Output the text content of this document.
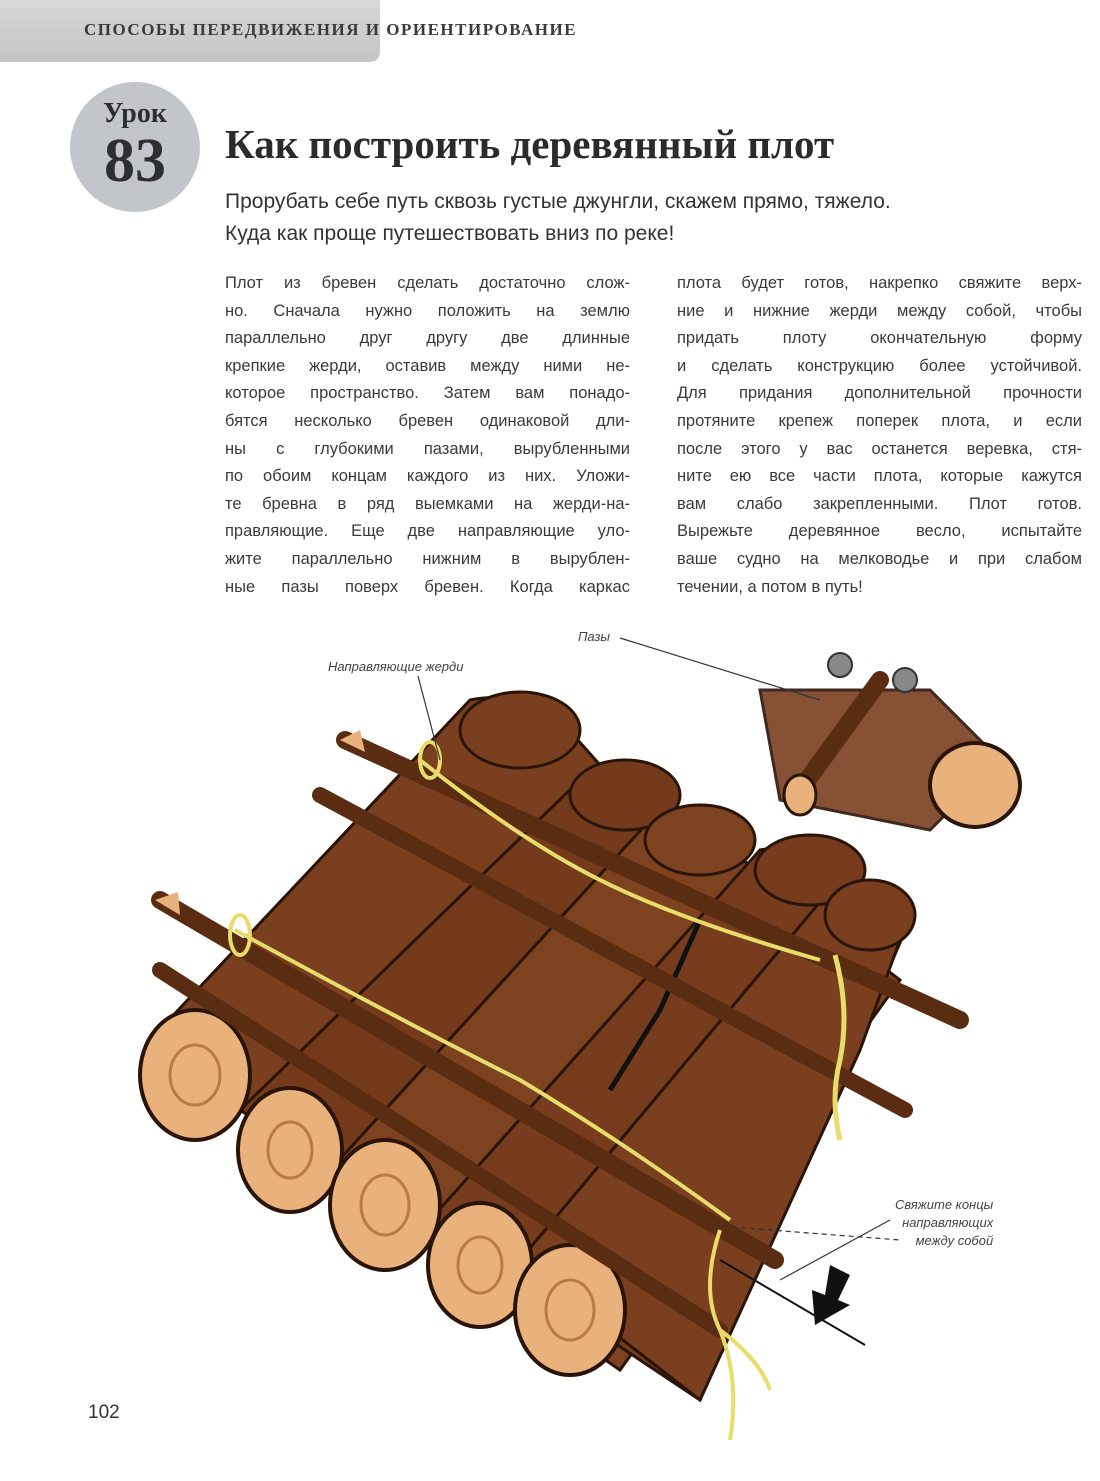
СПОСОБЫ ПЕРЕДВИЖЕНИЯ И ОРИЕНТИРОВАНИЕ
Урок
83	Как построить деревянный плот
Прорубать себе путь сквозь густые джунгли, скажем прямо, тяжело.
Куда как проще путешествовать вниз по реке!
Плот из бревен сделать достаточно слож-
но. Сначала нужно положить на землю
параллельно друг другу две длинные
крепкие жерди, оставив между ними не-
которое пространство. Затем вам понадо-
бятся несколько бревен одинаковой дли-
ны с глубокими пазами, вырубленными
по обоим концам каждого из них. Уложи-
те бревна в ряд выемками на жерди-на-
правляющие. Еще две направляющие уло-
жите параллельно нижним в вырублен-
ные пазы поверх бревен. Когда каркас
плота будет готов, накрепко свяжите верх-
ние и нижние жерди между собой, чтобы
придать плоту окончательную форму
и сделать конструкцию более устойчивой.
Для придания дополнительной прочности
протяните крепеж поперек плота, и если
после этого у вас останется веревка, стя-
ните ею все части плота, которые кажутся
вам слабо закрепленными. Плот готов.
Вырежьте деревянное весло, испытайте
ваше судно на мелководье и при слабом
течении, а потом в путь!
Пазы
Направляющие жерди
Свяжите концы
направляющих
между собой
102
